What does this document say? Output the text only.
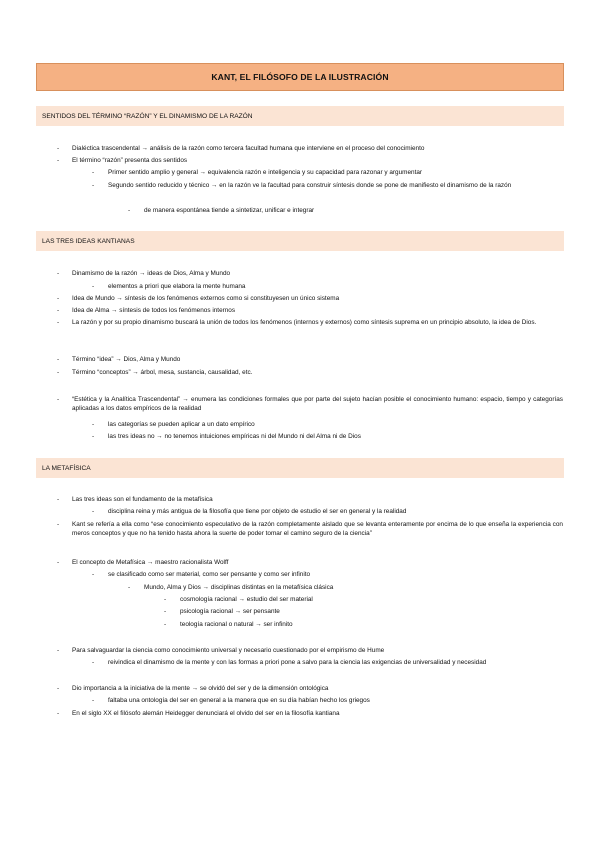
KANT, EL FILÓSOFO DE LA ILUSTRACIÓN
SENTIDOS DEL TÉRMINO “RAZÓN” Y EL DINAMISMO DE LA RAZÓN
- Dialéctica trascendental → análisis de la razón como tercera facultad humana que interviene en el proceso del conocimiento
- El término “razón” presenta dos sentidos
- Primer sentido amplio y general → equivalencia razón e inteligencia y su capacidad para razonar y argumentar
- Segundo sentido reducido y técnico → en la razón ve la facultad para construir síntesis donde se pone de manifiesto el dinamismo de la razón
- de manera espontánea tiende a sintetizar, unificar e integrar
LAS TRES IDEAS KANTIANAS
- Dinamismo de la razón → ideas de Dios, Alma y Mundo
- elementos a priori que elabora la mente humana
- Idea de Mundo → síntesis de los fenómenos externos como si constituyesen un único sistema
- Idea de Alma → síntesis de todos los fenómenos internos
- La razón y por su propio dinamismo buscará la unión de todos los fenómenos (internos y externos) como síntesis suprema en un principio absoluto, la idea de Dios.
- Término “idea” → Dios, Alma y Mundo
- Término “conceptos” → árbol, mesa, sustancia, causalidad, etc.
- “Estética y la Analítica Trascendental” → enumera las condiciones formales que por parte del sujeto hacían posible el conocimiento humano: espacio, tiempo y categorías aplicadas a los datos empíricos de la realidad
- las categorías se pueden aplicar a un dato empírico
- las tres ideas no → no tenemos intuiciones empíricas ni del Mundo ni del Alma ni de Dios
LA METAFÍSICA
- Las tres ideas son el fundamento de la metafísica
- disciplina reina y más antigua de la filosofía que tiene por objeto de estudio el ser en general y la realidad
- Kant se refería a ella como “ese conocimiento especulativo de la razón completamente aislado que se levanta enteramente por encima de lo que enseña la experiencia con meros conceptos y que no ha tenido hasta ahora la suerte de poder tomar el camino seguro de la ciencia”
- El concepto de Metafísica → maestro racionalista Wolff
- se clasificado como ser material, como ser pensante y como ser infinito
- Mundo, Alma y Dios → disciplinas distintas en la metafísica clásica
- cosmología racional → estudio del ser material
- psicología racional → ser pensante
- teología racional o natural → ser infinito
- Para salvaguardar la ciencia como conocimiento universal y necesario cuestionado por el empirismo de Hume
- reivindica el dinamismo de la mente y con las formas a priori pone a salvo para la ciencia las exigencias de universalidad y necesidad
- Dio importancia a la iniciativa de la mente → se olvidó del ser y de la dimensión ontológica
- faltaba una ontología del ser en general a la manera que en su día habían hecho los griegos
- En el siglo XX el filósofo alemán Heidegger denunciará el olvido del ser en la filosofía kantiana
